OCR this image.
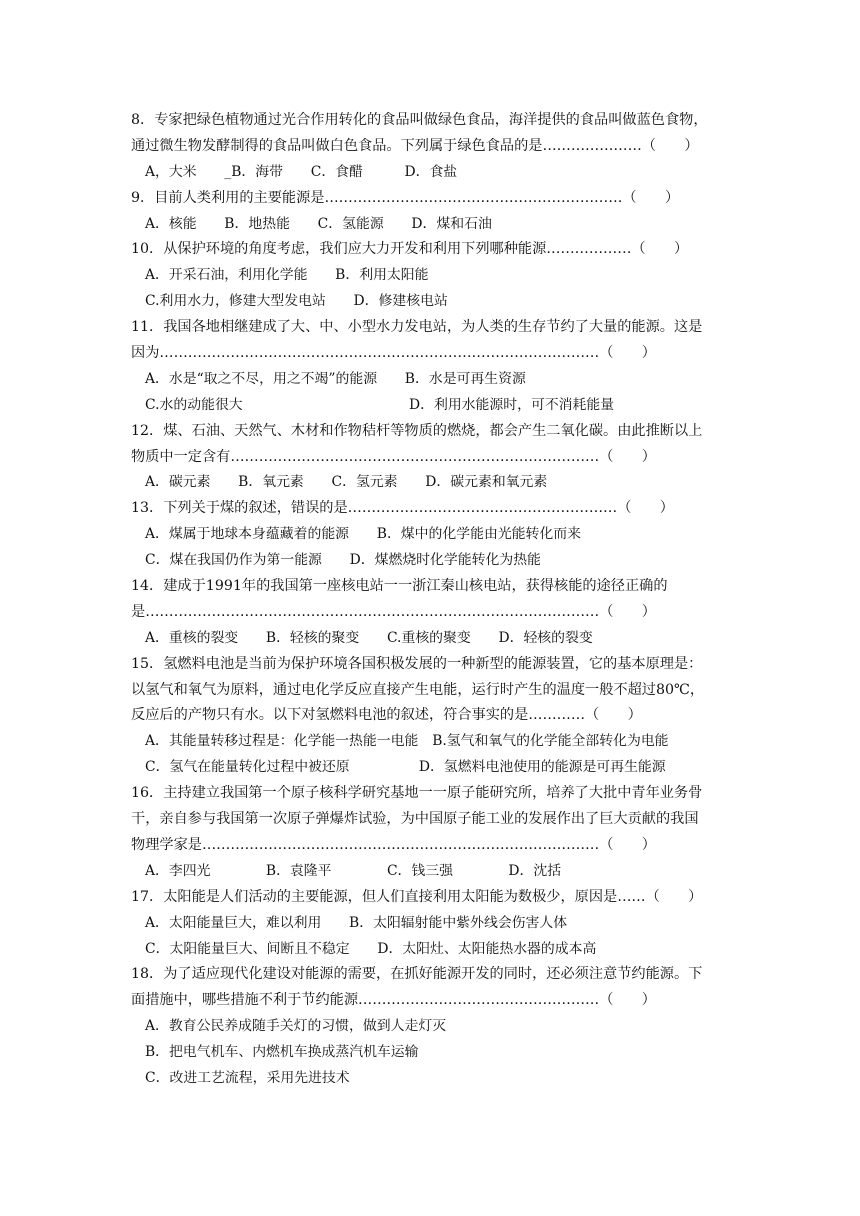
8．专家把绿色植物通过光合作用转化的食品叫做绿色食品，海洋提供的食品叫做蓝色食物，
通过微生物发酵制得的食品叫做白色食品。下列属于绿色食品的是…………………（　　）
A，大米　　_B．海带　　C．食醋　　　D．食盐
9．目前人类利用的主要能源是………………………………………………………（　　）
A．核能　　B．地热能　　C．氢能源　　D．煤和石油
10．从保护环境的角度考虑，我们应大力开发和利用下列哪种能源………………（　　）
A．开采石油，利用化学能　　B．利用太阳能
C.利用水力，修建大型发电站　　D．修建核电站
11．我国各地相继建成了大、中、小型水力发电站，为人类的生存节约了大量的能源。这是
因为…………………………………………………………………………………（　　）
A．水是“取之不尽，用之不竭”的能源　　B．水是可再生资源
C.水的动能很大　　　　　　　　　　　　D．利用水能源时，可不消耗能量
12．煤、石油、天然气、木材和作物秸杆等物质的燃烧，都会产生二氧化碳。由此推断以上
物质中一定含有……………………………………………………………………（　　）
A．碳元素　　B．氧元素　　C．氢元素　　D．碳元素和氧元素
13．下列关于煤的叙述，错误的是…………………………………………………（　　）
A．煤属于地球本身蕴藏着的能源　　B．煤中的化学能由光能转化而来
C．煤在我国仍作为第一能源　　D．煤燃烧时化学能转化为热能
14．建成于1991年的我国第一座核电站一一浙江秦山核电站，获得核能的途径正确的
是……………………………………………………………………………………（　　）
A．重核的裂变　　B．轻核的聚变　　C.重核的聚变　　D．轻核的裂变
15．氢燃料电池是当前为保护环境各国积极发展的一种新型的能源装置，它的基本原理是：
以氢气和氧气为原料，通过电化学反应直接产生电能，运行时产生的温度一般不超过80℃，
反应后的产物只有水。以下对氢燃料电池的叙述，符合事实的是…………（　　）
A．其能量转移过程是：化学能一热能一电能　B.氢气和氧气的化学能全部转化为电能
C．氢气在能量转化过程中被还原　　　　　D．氢燃料电池使用的能源是可再生能源
16．主持建立我国第一个原子核科学研究基地一一原子能研究所，培养了大批中青年业务骨
干，亲自参与我国第一次原子弹爆炸试验，为中国原子能工业的发展作出了巨大贡献的我国
物理学家是…………………………………………………………………………（　　）
A．李四光　　　　B．袁隆平　　　　C．钱三强　　　　D．沈括
17．太阳能是人们活动的主要能源，但人们直接利用太阳能为数极少，原因是……（　　）
A．太阳能量巨大，难以利用　　B．太阳辐射能中紫外线会伤害人体
C．太阳能量巨大、间断且不稳定　　D．太阳灶、太阳能热水器的成本高
18．为了适应现代化建设对能源的需要，在抓好能源开发的同时，还必须注意节约能源。下
面措施中，哪些措施不利于节约能源……………………………………………（　　）
A．教育公民养成随手关灯的习惯，做到人走灯灭
B．把电气机车、内燃机车换成蒸汽机车运输
C．改进工艺流程，采用先进技术
